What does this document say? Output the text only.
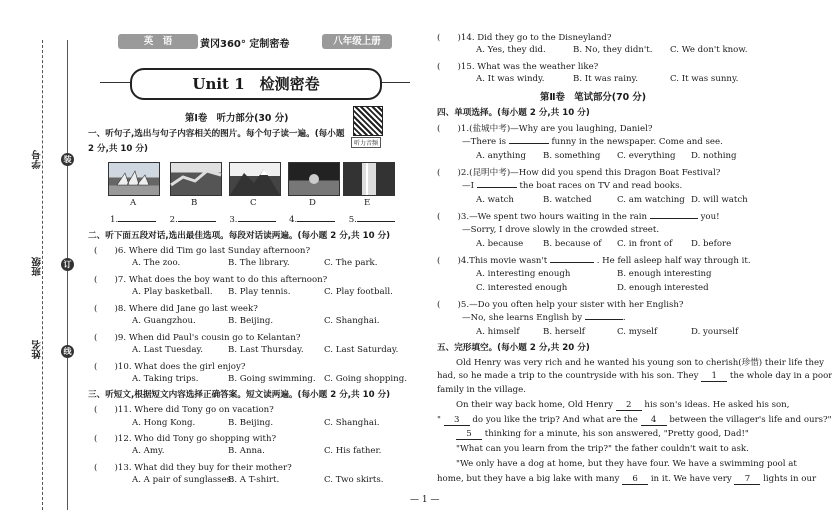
学号
班级
姓名
装
订
线
英　语	黄冈360° 定制密卷	八年级上册
Unit 1　检测密卷
第Ⅰ卷　听力部分(30 分)
听力音频
一、听句子,选出与句子内容相关的图片。每个句子读一遍。(每小题
2 分,共 10 分)
A	B	C	D	E
1.	2.	3.	4.	5.
二、听下面五段对话,选出最佳选项。每段对话读两遍。(每小题 2 分,共 10 分)
(　　)6. Where did Tim go last Sunday afternoon?
A. The zoo.	B. The library.	C. The park.
(　　)7. What does the boy want to do this afternoon?
A. Play basketball. B. Play tennis.	C. Play football.
(　　)8. Where did Jane go last week?
A. Guangzhou.	B. Beijing.	C. Shanghai.
(　　)9. When did Paul's cousin go to Kelantan?
A. Last Tuesday.	B. Last Thursday. C. Last Saturday.
(　　)10. What does the girl enjoy?
A. Taking trips.	B. Going swimming. C. Going shopping.
三、听短文,根据短文内容选择正确答案。短文读两遍。(每小题 2 分,共 10 分)
(　　)11. Where did Tony go on vacation?
A. Hong Kong.	B. Beijing.	C. Shanghai.
(　　)12. Who did Tony go shopping with?
A. Amy.	B. Anna.	C. His father.
(　　)13. What did they buy for their mother?
A. A pair of sunglasses.
B. A T-shirt.	C. Two skirts.
(　　)14. Did they go to the Disneyland?
A. Yes, they did.	B. No, they didn't. C. We don't know.
(　　)15. What was the weather like?
A. It was windy.	B. It was rainy.	C. It was sunny.
第Ⅱ卷　笔试部分(70 分)
四、单项选择。(每小题 2 分,共 10 分)
(　　)1.(盐城中考)—Why are you laughing, Daniel?
—There is	funny in the newspaper. Come and see.
A. anything B. something C. everything D. nothing
(　　)2.(昆明中考)—How did you spend this Dragon Boat Festival?
—I	the boat races on TV and read books.
A. watch	B. watched	C. am watching D. will watch
(　　)3.—We spent two hours waiting in the rain	you!
—Sorry, I drove slowly in the crowded street.
A. because B. because of C. in front of D. before
(　　)4.This movie wasn't	. He fell asleep half way through it.
A. interesting enough	B. enough interesting
C. interested enough	D. enough interested
(　　)5.—Do you often help your sister with her English?
—No, she learns English by	.
A. himself	B. herself	C. myself	D. yourself
五、完形填空。(每小题 2 分,共 20 分)
Old Henry was very rich and he wanted his young son to cherish(珍惜) their life they
had, so he made a trip to the countryside with his son. They 1 the whole day in a poor
family in the village.
On their way back home, Old Henry 2 his son's ideas. He asked his son,
" 3 do you like the trip? And what are the 4 between the villager's life and ours?"
5 thinking for a minute, his son answered, "Pretty good, Dad!"
"What can you learn from the trip?" the father couldn't wait to ask.
"We only have a dog at home, but they have four. We have a swimming pool at
home, but they have a big lake with many 6 in it. We have very 7 lights in our
— 1 —
